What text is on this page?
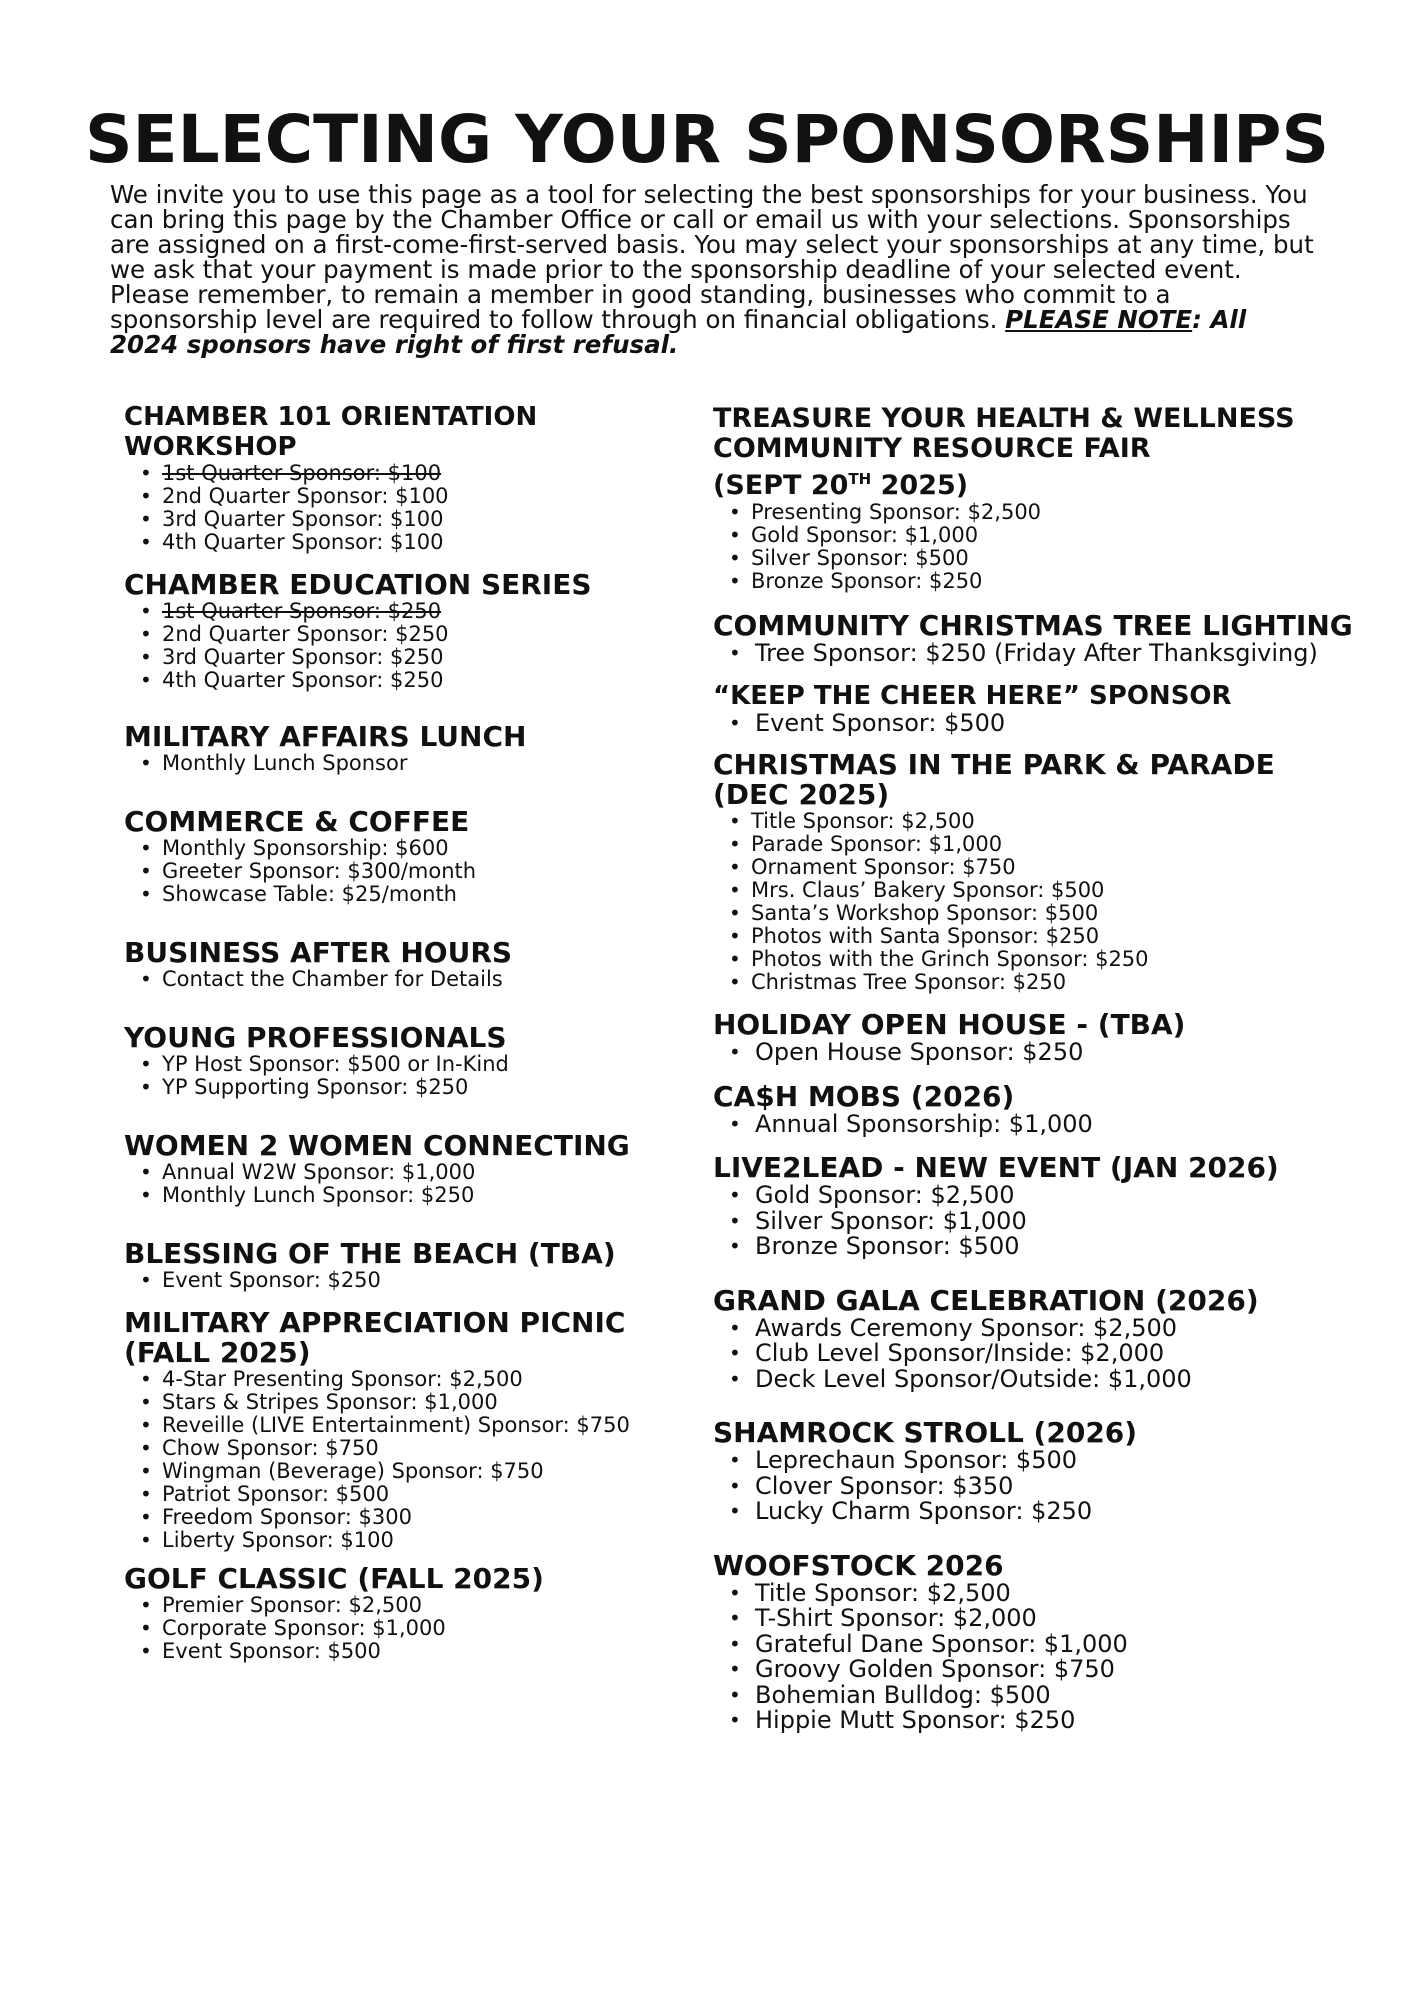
SELECTING YOUR SPONSORSHIPS

We invite you to use this page as a tool for selecting the best sponsorships for your business. You can bring this page by the Chamber Office or call or email us with your selections. Sponsorships are assigned on a first-come-first-served basis. You may select your sponsorships at any time, but we ask that your payment is made prior to the sponsorship deadline of your selected event. Please remember, to remain a member in good standing, businesses who commit to a sponsorship level are required to follow through on financial obligations. PLEASE NOTE: All 2024 sponsors have right of first refusal.

CHAMBER 101 ORIENTATION WORKSHOP
• 1st Quarter Sponsor: $100
• 2nd Quarter Sponsor: $100
• 3rd Quarter Sponsor: $100
• 4th Quarter Sponsor: $100
CHAMBER EDUCATION SERIES
• 1st Quarter Sponsor: $250
• 2nd Quarter Sponsor: $250
• 3rd Quarter Sponsor: $250
• 4th Quarter Sponsor: $250
MILITARY AFFAIRS LUNCH
• Monthly Lunch Sponsor
COMMERCE & COFFEE
• Monthly Sponsorship: $600
• Greeter Sponsor: $300/month
• Showcase Table: $25/month
BUSINESS AFTER HOURS
• Contact the Chamber for Details
YOUNG PROFESSIONALS
• YP Host Sponsor: $500 or In-Kind
• YP Supporting Sponsor: $250
WOMEN 2 WOMEN CONNECTING
• Annual W2W Sponsor: $1,000
• Monthly Lunch Sponsor: $250
BLESSING OF THE BEACH (TBA)
• Event Sponsor: $250
MILITARY APPRECIATION PICNIC
(FALL 2025)
• 4-Star Presenting Sponsor: $2,500
• Stars & Stripes Sponsor: $1,000
• Reveille (LIVE Entertainment) Sponsor: $750
• Chow Sponsor: $750
• Wingman (Beverage) Sponsor: $750
• Patriot Sponsor: $500
• Freedom Sponsor: $300
• Liberty Sponsor: $100
GOLF CLASSIC (FALL 2025)
• Premier Sponsor: $2,500
• Corporate Sponsor: $1,000
• Event Sponsor: $500
TREASURE YOUR HEALTH & WELLNESS
COMMUNITY RESOURCE FAIR
(SEPT 20TH 2025)
• Presenting Sponsor: $2,500
• Gold Sponsor: $1,000
• Silver Sponsor: $500
• Bronze Sponsor: $250
COMMUNITY CHRISTMAS TREE LIGHTING
• Tree Sponsor: $250 (Friday After Thanksgiving)
“KEEP THE CHEER HERE” SPONSOR
• Event Sponsor: $500
CHRISTMAS IN THE PARK & PARADE
(DEC 2025)
• Title Sponsor: $2,500
• Parade Sponsor: $1,000
• Ornament Sponsor: $750
• Mrs. Claus’ Bakery Sponsor: $500
• Santa’s Workshop Sponsor: $500
• Photos with Santa Sponsor: $250
• Photos with the Grinch Sponsor: $250
• Christmas Tree Sponsor: $250
HOLIDAY OPEN HOUSE - (TBA)
• Open House Sponsor: $250
CA$H MOBS (2026)
• Annual Sponsorship: $1,000
LIVE2LEAD - NEW EVENT (JAN 2026)
• Gold Sponsor: $2,500
• Silver Sponsor: $1,000
• Bronze Sponsor: $500
GRAND GALA CELEBRATION (2026)
• Awards Ceremony Sponsor: $2,500
• Club Level Sponsor/Inside: $2,000
• Deck Level Sponsor/Outside: $1,000
SHAMROCK STROLL (2026)
• Leprechaun Sponsor: $500
• Clover Sponsor: $350
• Lucky Charm Sponsor: $250
WOOFSTOCK 2026
• Title Sponsor: $2,500
• T-Shirt Sponsor: $2,000
• Grateful Dane Sponsor: $1,000
• Groovy Golden Sponsor: $750
• Bohemian Bulldog: $500
• Hippie Mutt Sponsor: $250
